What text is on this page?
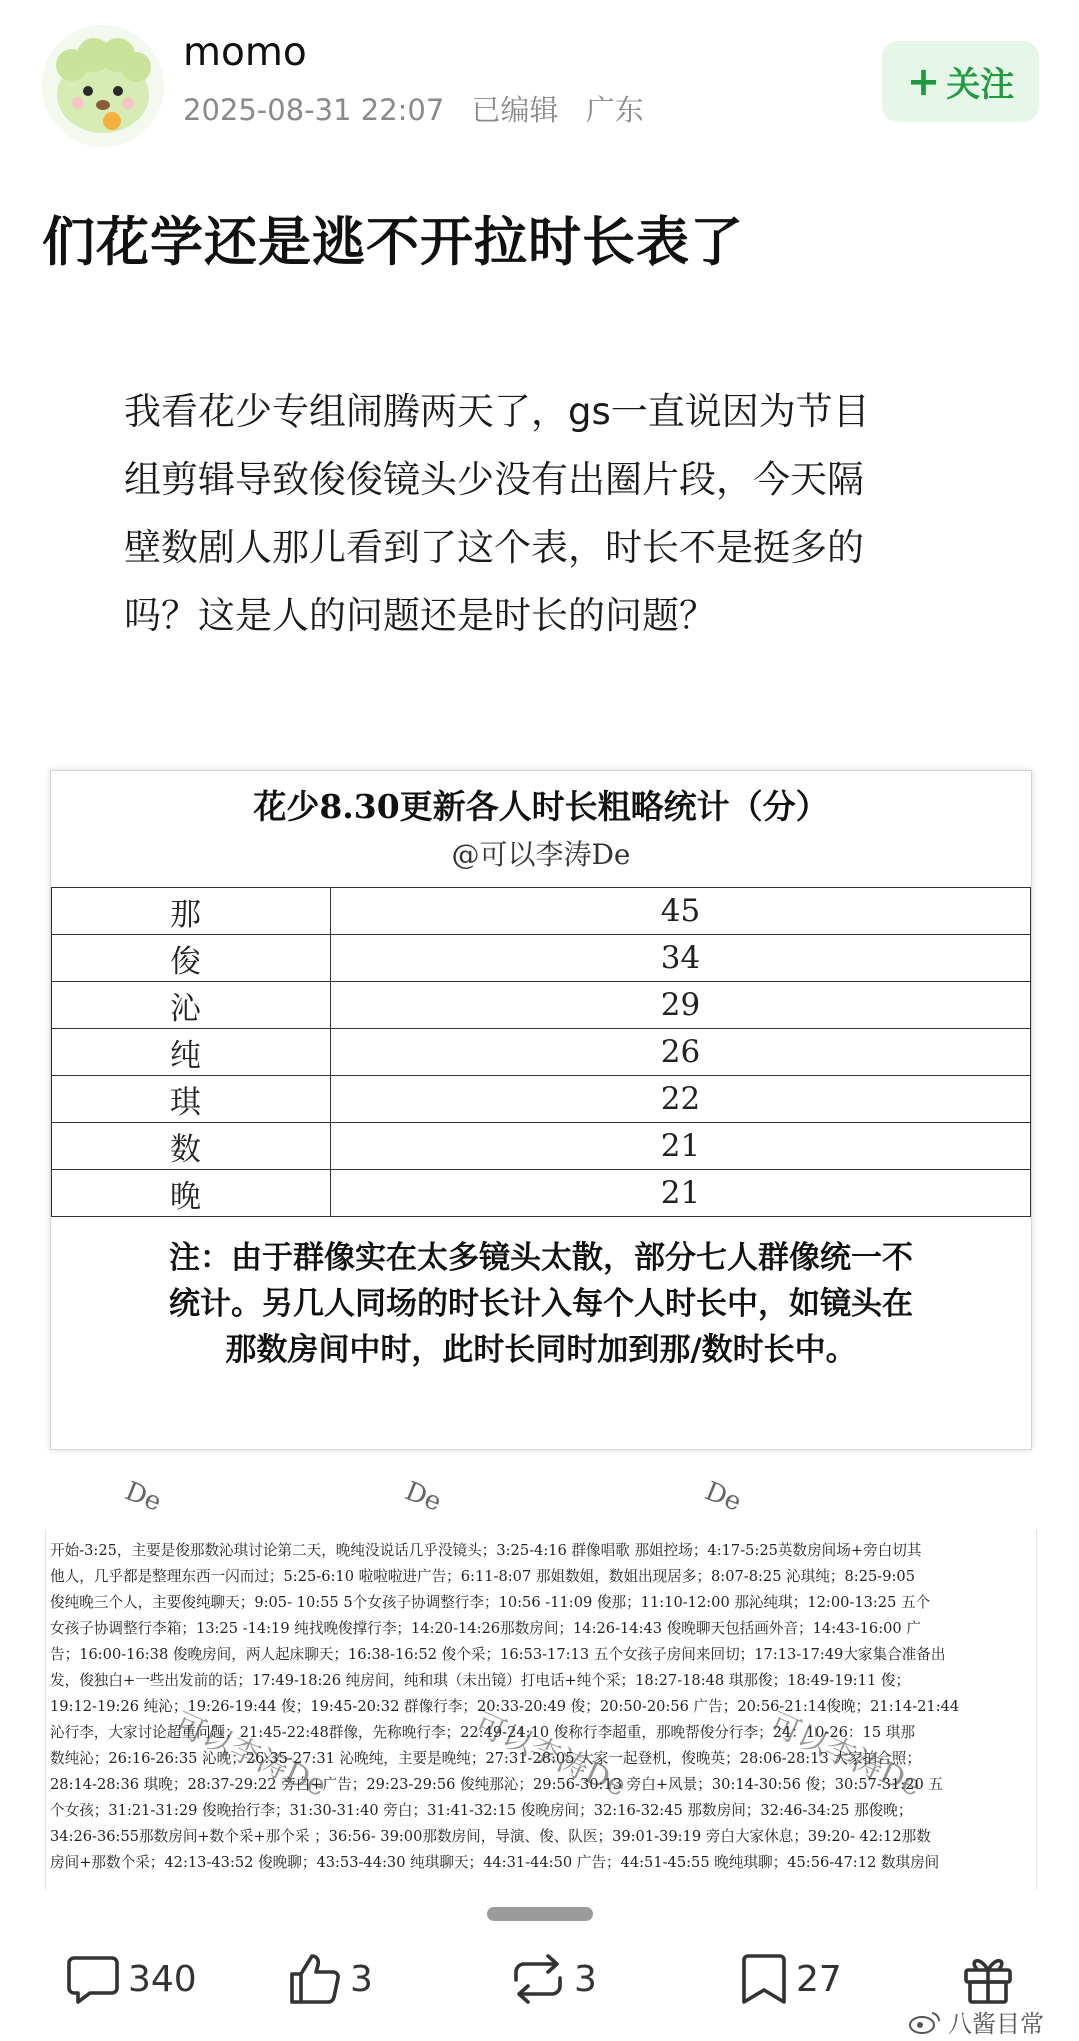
momo
2025-08-31 22:07 已编辑 广东
+ 关注
们花学还是逃不开拉时长表了

我看花少专组闹腾两天了，gs一直说因为节目

组剪辑导致俊俊镜头少没有出圈片段，今天隔

壁数剧人那儿看到了这个表，时长不是挺多的

吗？这是人的问题还是时长的问题？

花少8.30更新各人时长粗略统计（分）
@可以李涛De
那	45
俊	34
沁	29
纯	26
琪	22
数	21
晚	21
注：由于群像实在太多镜头太散，部分七人群像统一不
统计。另几人同场的时长计入每个人时长中，如镜头在
那数房间中时，此时长同时加到那/数时长中。
De	De	De
开始-3:25，主要是俊那数沁琪讨论第二天，晚纯没说话几乎没镜头；3:25-4:16 群像唱歌 那姐控场；4:17-5:25英数房间场+旁白切其
他人，几乎都是整理东西一闪而过；5:25-6:10 啦啦啦进广告；6:11-8:07 那姐数姐，数姐出现居多；8:07-8:25 沁琪纯；8:25-9:05
俊纯晚三个人，主要俊纯聊天；9:05- 10:55 5个女孩子协调整行李；10:56 -11:09 俊那；11:10-12:00 那沁纯琪；12:00-13:25 五个
女孩子协调整行李箱；13:25 -14:19 纯找晚俊撑行李；14:20-14:26那数房间；14:26-14:43 俊晚聊天包括画外音；14:43-16:00 广
告；16:00-16:38 俊晚房间，两人起床聊天；16:38-16:52 俊个采；16:53-17:13 五个女孩子房间来回切；17:13-17:49大家集合准备出
发，俊独白+一些出发前的话；17:49-18:26 纯房间，纯和琪（未出镜）打电话+纯个采；18:27-18:48 琪那俊；18:49-19:11 俊；
19:12-19:26 纯沁；19:26-19:44 俊；19:45-20:32 群像行李；20:33-20:49 俊；20:50-20:56 广告；20:56-21:14俊晚；21:14-21:44
沁行李，大家讨论超重问题；21:45-22:48群像，先称晚行李；22:49-24:10 俊称行李超重，那晚帮俊分行李；24：10-26：15 琪那
数纯沁；26:16-26:35 沁晚；26:35-27:31 沁晚纯，主要是晚纯；27:31-28:05 大家一起登机，俊晚英；28:06-28:13 大家拍合照；
28:14-28:36 琪晚；28:37-29:22 旁白+广告；29:23-29:56 俊纯那沁；29:56-30:13 旁白+风景；30:14-30:56 俊；30:57-31:20 五
个女孩；31:21-31:29 俊晚抬行李；31:30-31:40 旁白；31:41-32:15 俊晚房间；32:16-32:45 那数房间；32:46-34:25 那俊晚；
34:26-36:55那数房间+数个采+那个采 ；36:56- 39:00那数房间，导演、俊、队医；39:01-39:19 旁白大家休息；39:20- 42:12那数
房间+那数个采；42:13-43:52 俊晚聊；43:53-44:30 纯琪聊天；44:31-44:50 广告；44:51-45:55 晚纯琪聊；45:56-47:12 数琪房间
可以李涛De	可以李涛De	可以李涛De
340	3	3	27
八酱目常
